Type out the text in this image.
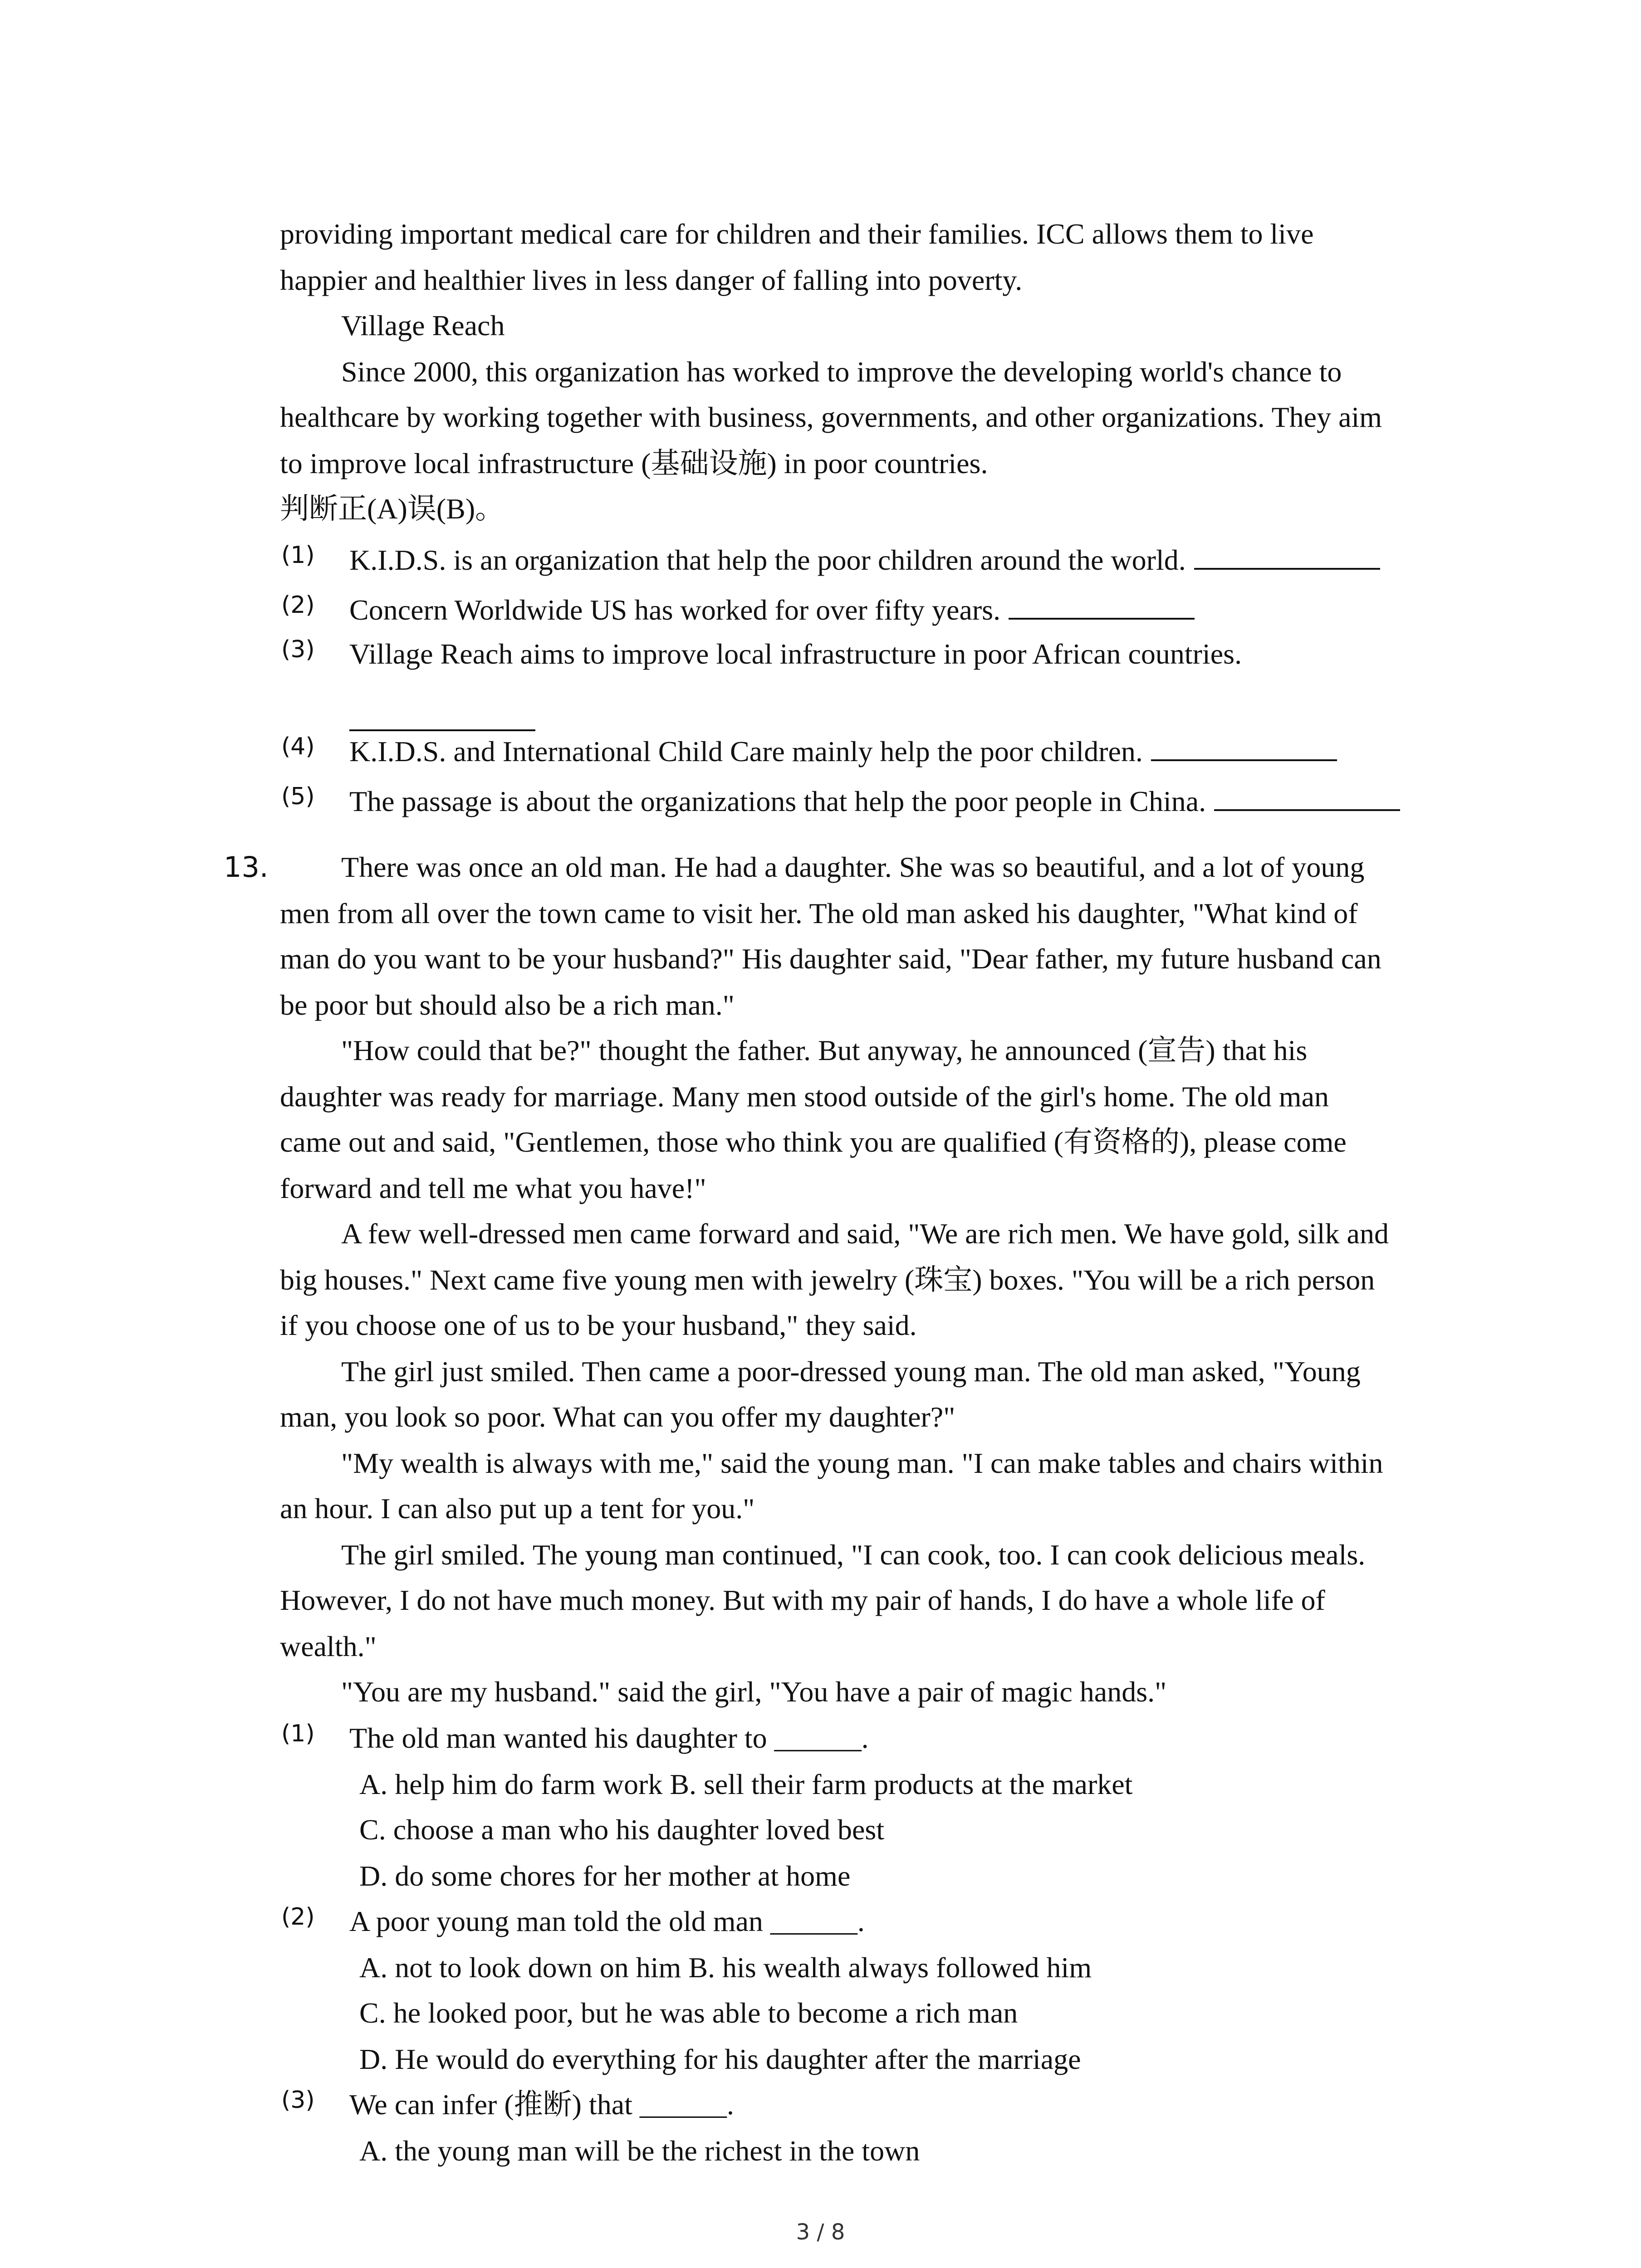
providing important medical care for children and their families. ICC allows them to live
happier and healthier lives in less danger of falling into poverty.
Village Reach
Since 2000, this organization has worked to improve the developing world's chance to
healthcare by working together with business, governments, and other organizations. They aim
to improve local infrastructure (基础设施) in poor countries.
判断正(A)误(B)。
(1) K.I.D.S. is an organization that help the poor children around the world.
(2) Concern Worldwide US has worked for over fifty years.
(3) Village Reach aims to improve local infrastructure in poor African countries.
(4) K.I.D.S. and International Child Care mainly help the poor children.
(5) The passage is about the organizations that help the poor people in China.
13.	There was once an old man. He had a daughter. She was so beautiful, and a lot of young
men from all over the town came to visit her. The old man asked his daughter, "What kind of
man do you want to be your husband?" His daughter said, "Dear father, my future husband can
be poor but should also be a rich man."
"How could that be?" thought the father. But anyway, he announced (宣告) that his
daughter was ready for marriage. Many men stood outside of the girl's home. The old man
came out and said, "Gentlemen, those who think you are qualified (有资格的), please come
forward and tell me what you have!"
A few well-dressed men came forward and said, "We are rich men. We have gold, silk and
big houses." Next came five young men with jewelry (珠宝) boxes. "You will be a rich person
if you choose one of us to be your husband," they said.
The girl just smiled. Then came a poor-dressed young man. The old man asked, "Young
man, you look so poor. What can you offer my daughter?"
"My wealth is always with me," said the young man. "I can make tables and chairs within
an hour. I can also put up a tent for you."
The girl smiled. The young man continued, "I can cook, too. I can cook delicious meals.
However, I do not have much money. But with my pair of hands, I do have a whole life of
wealth."
"You are my husband." said the girl, "You have a pair of magic hands."
(1) The old man wanted his daughter to ______.
A. help him do farm work B. sell their farm products at the market
C. choose a man who his daughter loved best
D. do some chores for her mother at home
(2) A poor young man told the old man ______.
A. not to look down on him B. his wealth always followed him
C. he looked poor, but he was able to become a rich man
D. He would do everything for his daughter after the marriage
(3) We can infer (推断) that ______.
A. the young man will be the richest in the town
3 / 8
